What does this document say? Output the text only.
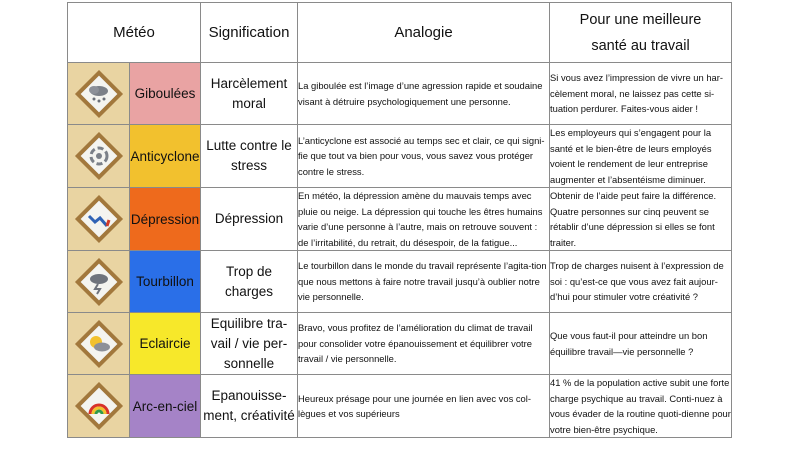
Météo		Signification	Analogie	Pour une meilleure
santé au travail

	Giboulées	Harcèlement moral	La giboulée est l’image d’une agression rapide et soudaine visant à détruire psychologiquement une personne.	Si vous avez l’impression de vivre un har-cèlement moral, ne laissez pas cette si-tuation perdurer. Faites-vous aider !

	Anticyclone	Lutte contre le stress	L’anticyclone est associé au temps sec et clair, ce qui signi-fie que tout va bien pour vous, vous savez vous protéger contre le stress.	Les employeurs qui s’engagent pour la santé et le bien-être de leurs employés voient le rendement de leur entreprise augmenter et l’absentéisme diminuer.

	Dépression	Dépression	En météo, la dépression amène du mauvais temps avec pluie ou neige. La dépression qui touche les êtres humains varie d’une personne à l’autre, mais on retrouve souvent : de l’irritabilité, du retrait, du désespoir, de la fatigue...	Obtenir de l’aide peut faire la différence. Quatre personnes sur cinq peuvent se rétablir d’une dépression si elles se font traiter.

	Tourbillon	Trop de charges	Le tourbillon dans le monde du travail représente l’agita-tion que nous mettons à faire notre travail jusqu’à oublier notre vie personnelle.	Trop de charges nuisent à l’expression de soi : qu’est-ce que vous avez fait aujour-d’hui pour stimuler votre créativité ?

	Eclaircie	Equilibre tra-vail / vie per-sonnelle	Bravo, vous profitez de l’amélioration du climat de travail pour consolider votre épanouissement et équilibrer votre travail / vie personnelle.	Que vous faut-il pour atteindre un bon équilibre travail—vie personnelle ?

	Arc-en-ciel	Epanouisse-ment, créativité	Heureux présage pour une journée en lien avec vos col-lègues et vos supérieurs	41 % de la population active subit une forte charge psychique au travail. Conti-nuez à vous évader de la routine quoti-dienne pour votre bien-être psychique.
